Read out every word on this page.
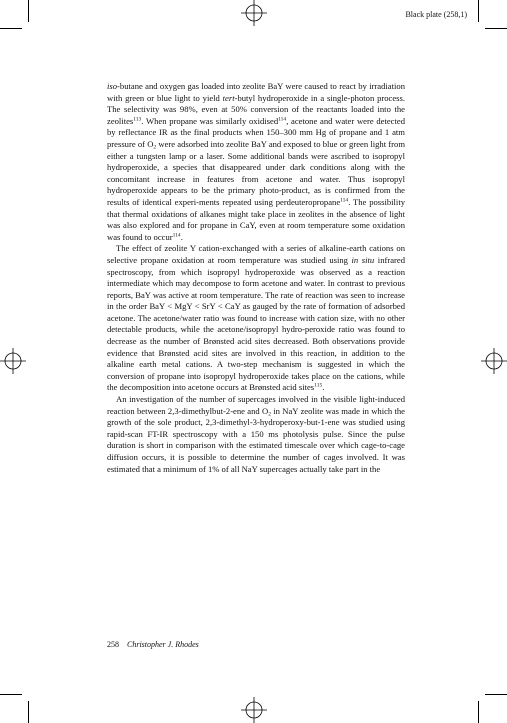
Black plate (258,1)

iso-butane and oxygen gas loaded into zeolite BaY were caused to react by irradiation with green or blue light to yield tert-butyl hydroperoxide in a single-photon process. The selectivity was 98%, even at 50% conversion of the reactants loaded into the zeolites$^{113}$. When propane was similarly oxidised$^{114}$, acetone and water were detected by reflectance IR as the final products when 150–300 mm Hg of propane and 1 atm pressure of $O_2$ were adsorbed into zeolite BaY and exposed to blue or green light from either a tungsten lamp or a laser. Some additional bands were ascribed to isopropyl hydroperoxide, a species that disappeared under dark conditions along with the concomitant increase in features from acetone and water. Thus isopropyl hydroperoxide appears to be the primary photo-product, as is confirmed from the results of identical experi-ments repeated using perdeuteropropane$^{114}$. The possibility that thermal oxidations of alkanes might take place in zeolites in the absence of light was also explored and for propane in CaY, even at room temperature some oxidation was found to occur$^{114}$.

The effect of zeolite Y cation-exchanged with a series of alkaline-earth cations on selective propane oxidation at room temperature was studied using in situ infrared spectroscopy, from which isopropyl hydroperoxide was observed as a reaction intermediate which may decompose to form acetone and water. In contrast to previous reports, BaY was active at room temperature. The rate of reaction was seen to increase in the order BaY < MgY < SrY < CaY as gauged by the rate of formation of adsorbed acetone. The acetone/water ratio was found to increase with cation size, with no other detectable products, while the acetone/isopropyl hydro-peroxide ratio was found to decrease as the number of Brønsted acid sites decreased. Both observations provide evidence that Brønsted acid sites are involved in this reaction, in addition to the alkaline earth metal cations. A two-step mechanism is suggested in which the conversion of propane into isopropyl hydroperoxide takes place on the cations, while the decomposition into acetone occurs at Brønsted acid sites$^{115}$.

An investigation of the number of supercages involved in the visible light-induced reaction between 2,3-dimethylbut-2-ene and $O_2$ in NaY zeolite was made in which the growth of the sole product, 2,3-dimethyl-3-hydroperoxy-but-1-ene was studied using rapid-scan FT-IR spectroscopy with a 150 ms photolysis pulse. Since the pulse duration is short in comparison with the estimated timescale over which cage-to-cage diffusion occurs, it is possible to determine the number of cages involved. It was estimated that a minimum of 1% of all NaY supercages actually take part in the

258 Christopher J. Rhodes
